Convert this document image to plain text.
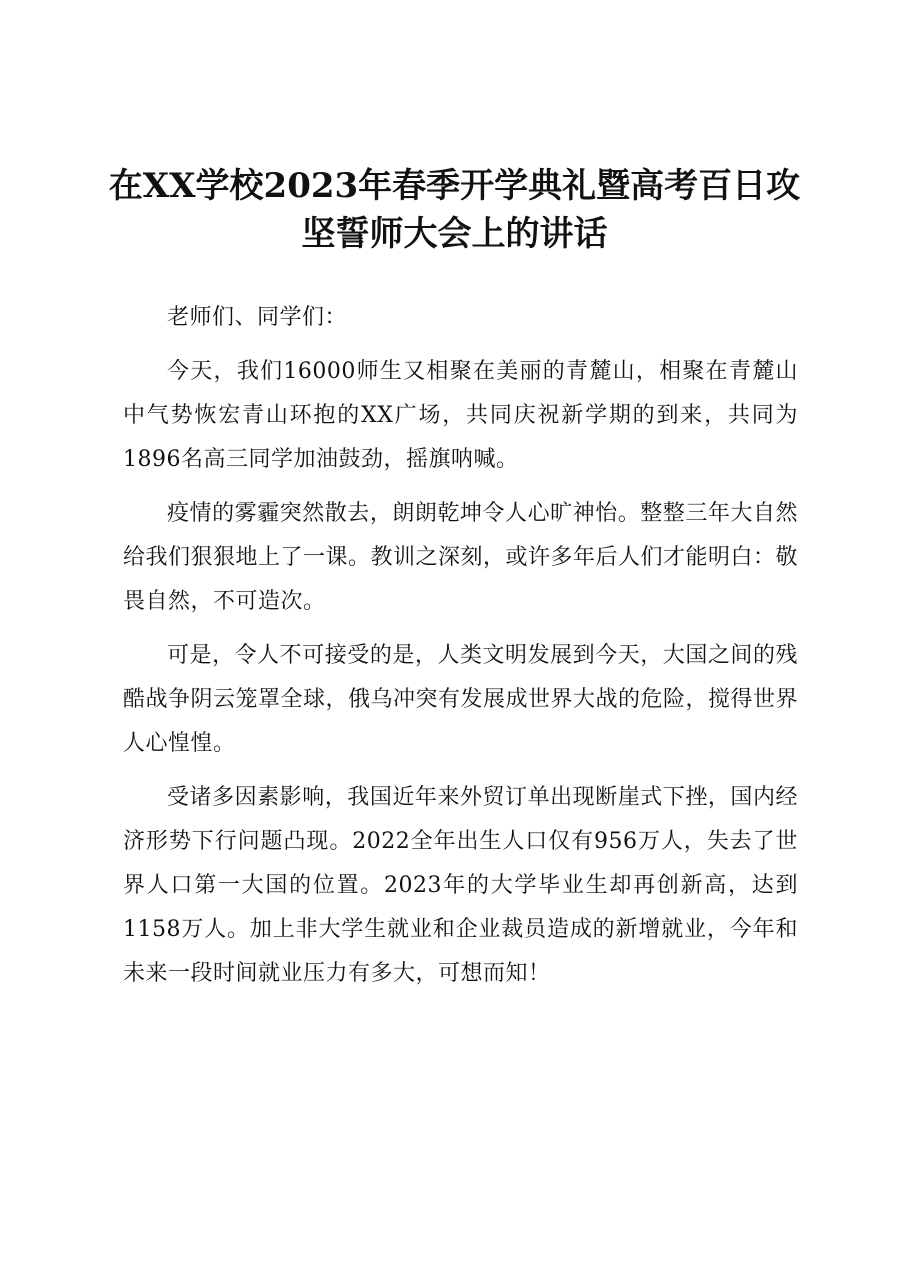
在XX学校2023年春季开学典礼暨高考百日攻
坚誓师大会上的讲话

老师们、同学们：

今天，我们16000师生又相聚在美丽的青麓山，相聚在青麓山中气势恢宏青山环抱的XX广场，共同庆祝新学期的到来，共同为1896名高三同学加油鼓劲，摇旗呐喊。

疫情的雾霾突然散去，朗朗乾坤令人心旷神怡。整整三年大自然给我们狠狠地上了一课。教训之深刻，或许多年后人们才能明白：敬畏自然，不可造次。

可是，令人不可接受的是，人类文明发展到今天，大国之间的残酷战争阴云笼罩全球，俄乌冲突有发展成世界大战的危险，搅得世界人心惶惶。

受诸多因素影响，我国近年来外贸订单出现断崖式下挫，国内经济形势下行问题凸现。2022全年出生人口仅有956万人，失去了世界人口第一大国的位置。2023年的大学毕业生却再创新高，达到1158万人。加上非大学生就业和企业裁员造成的新增就业，今年和未来一段时间就业压力有多大，可想而知！
